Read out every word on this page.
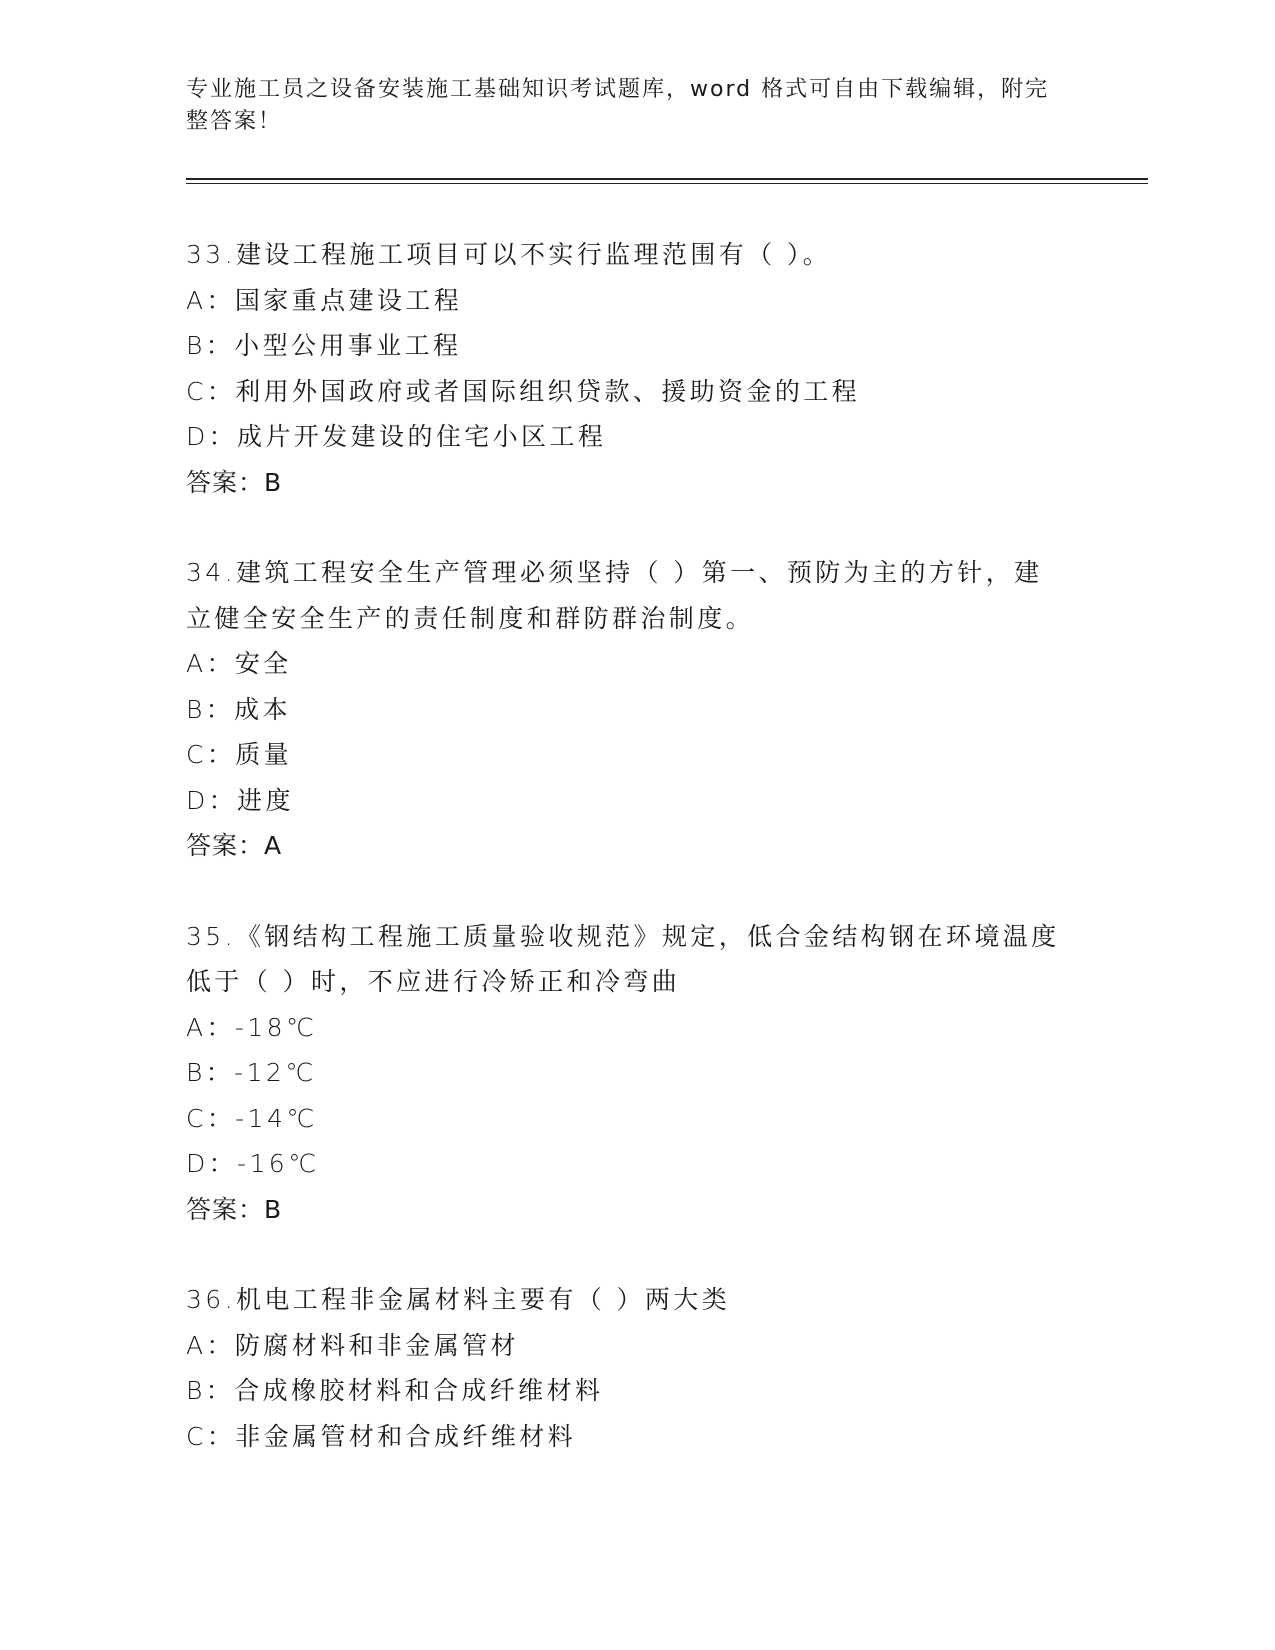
专业施工员之设备安装施工基础知识考试题库，word 格式可自由下载编辑，附完
整答案！
33.建设工程施工项目可以不实行监理范围有（ ）。
A：国家重点建设工程
B：小型公用事业工程
C：利用外国政府或者国际组织贷款、援助资金的工程
D：成片开发建设的住宅小区工程
答案：B
34.建筑工程安全生产管理必须坚持（ ）第一、预防为主的方针，建
立健全安全生产的责任制度和群防群治制度。
A：安全
B：成本
C：质量
D：进度
答案：A
35.《钢结构工程施工质量验收规范》规定，低合金结构钢在环境温度
低于（ ）时，不应进行冷矫正和冷弯曲
A：-18℃
B：-12℃
C：-14℃
D：-16℃
答案：B
36.机电工程非金属材料主要有（ ）两大类
A：防腐材料和非金属管材
B：合成橡胶材料和合成纤维材料
C：非金属管材和合成纤维材料
